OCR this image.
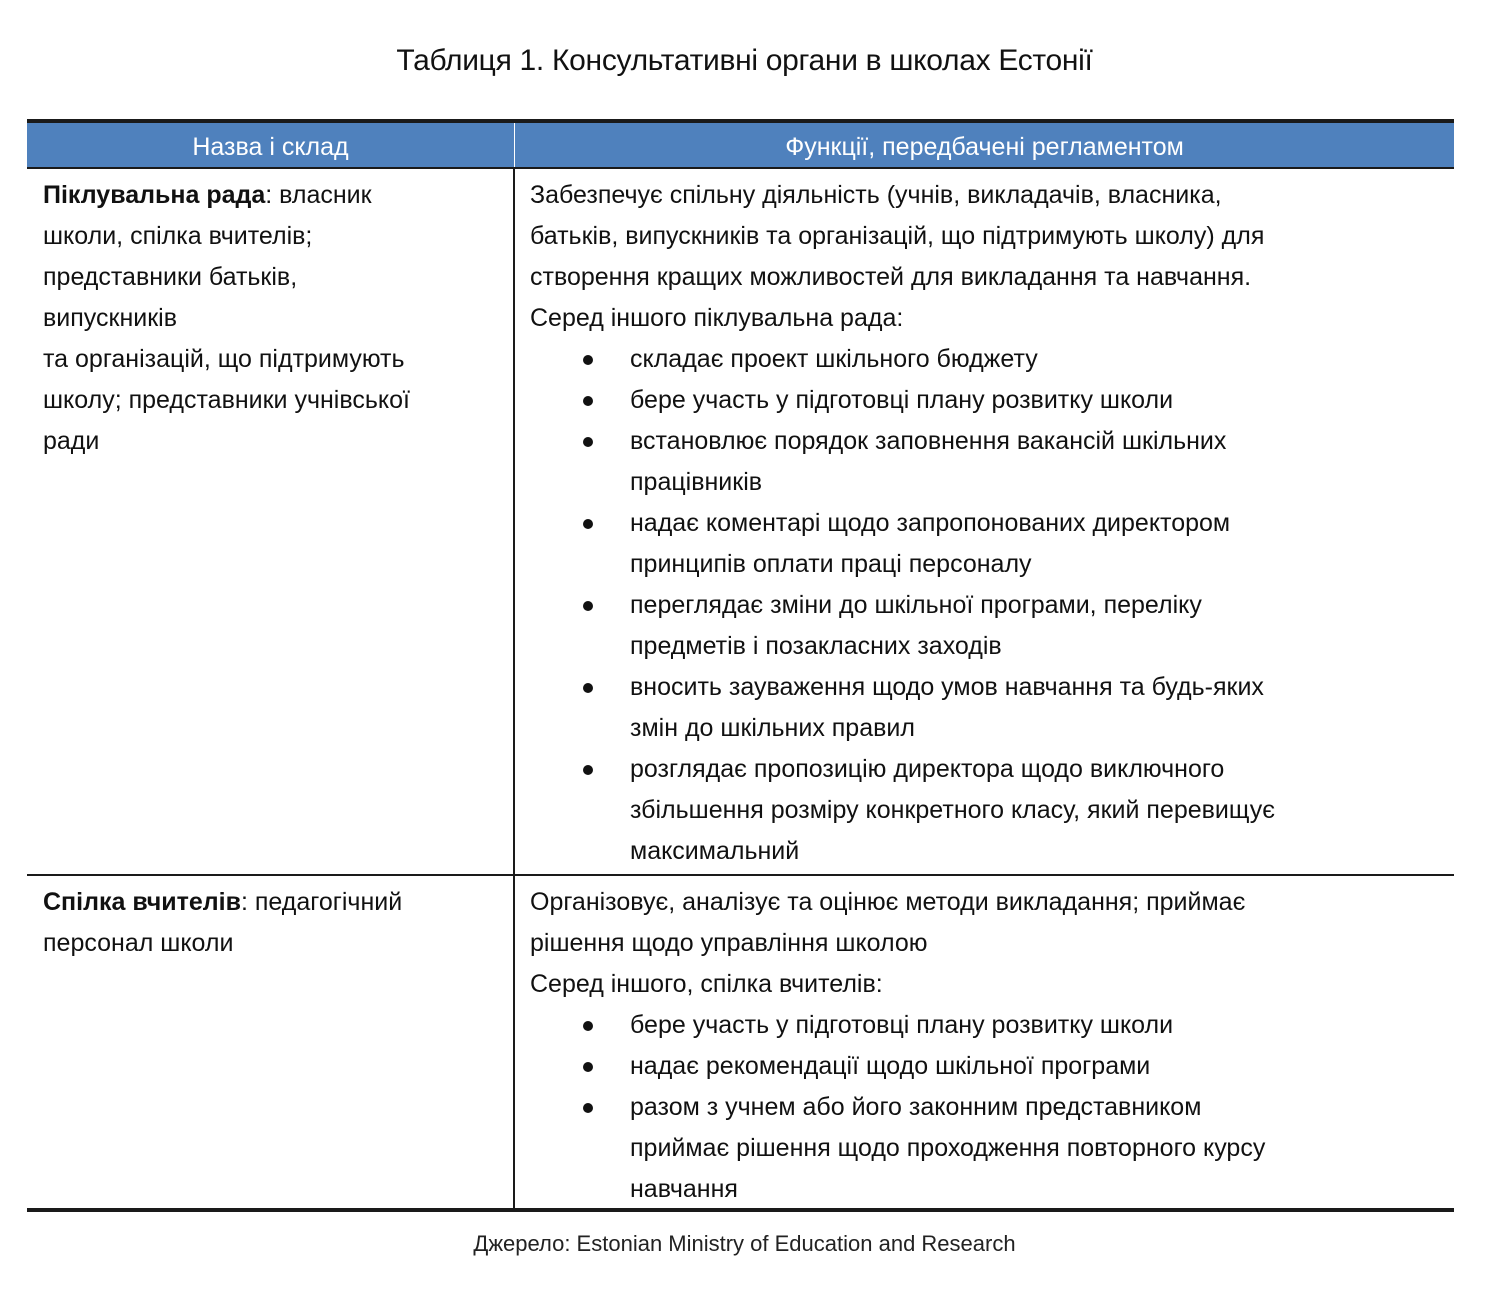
Таблиця 1. Консультативні органи в школах Естонії
Назва і склад	Функції, передбачені регламентом
Піклувальна рада: власник
школи, спілка вчителів;
представники батьків,
випускників
та організацій, що підтримують
школу; представники учнівської
ради
Забезпечує спільну діяльність (учнів, викладачів, власника,
батьків, випускників та організацій, що підтримують школу) для
створення кращих можливостей для викладання та навчання.
Серед іншого піклувальна рада:
складає проект шкільного бюджету
бере участь у підготовці плану розвитку школи
встановлює порядок заповнення вакансій шкільних
працівників
надає коментарі щодо запропонованих директором
принципів оплати праці персоналу
переглядає зміни до шкільної програми, переліку
предметів і позакласних заходів
вносить зауваження щодо умов навчання та будь-яких
змін до шкільних правил
розглядає пропозицію директора щодо виключного
збільшення розміру конкретного класу, який перевищує
максимальний
Спілка вчителів: педагогічний
персонал школи
Організовує, аналізує та оцінює методи викладання; приймає
рішення щодо управління школою
Серед іншого, спілка вчителів:
бере участь у підготовці плану розвитку школи
надає рекомендації щодо шкільної програми
разом з учнем або його законним представником
приймає рішення щодо проходження повторного курсу
навчання
Джерело: Estonian Ministry of Education and Research
